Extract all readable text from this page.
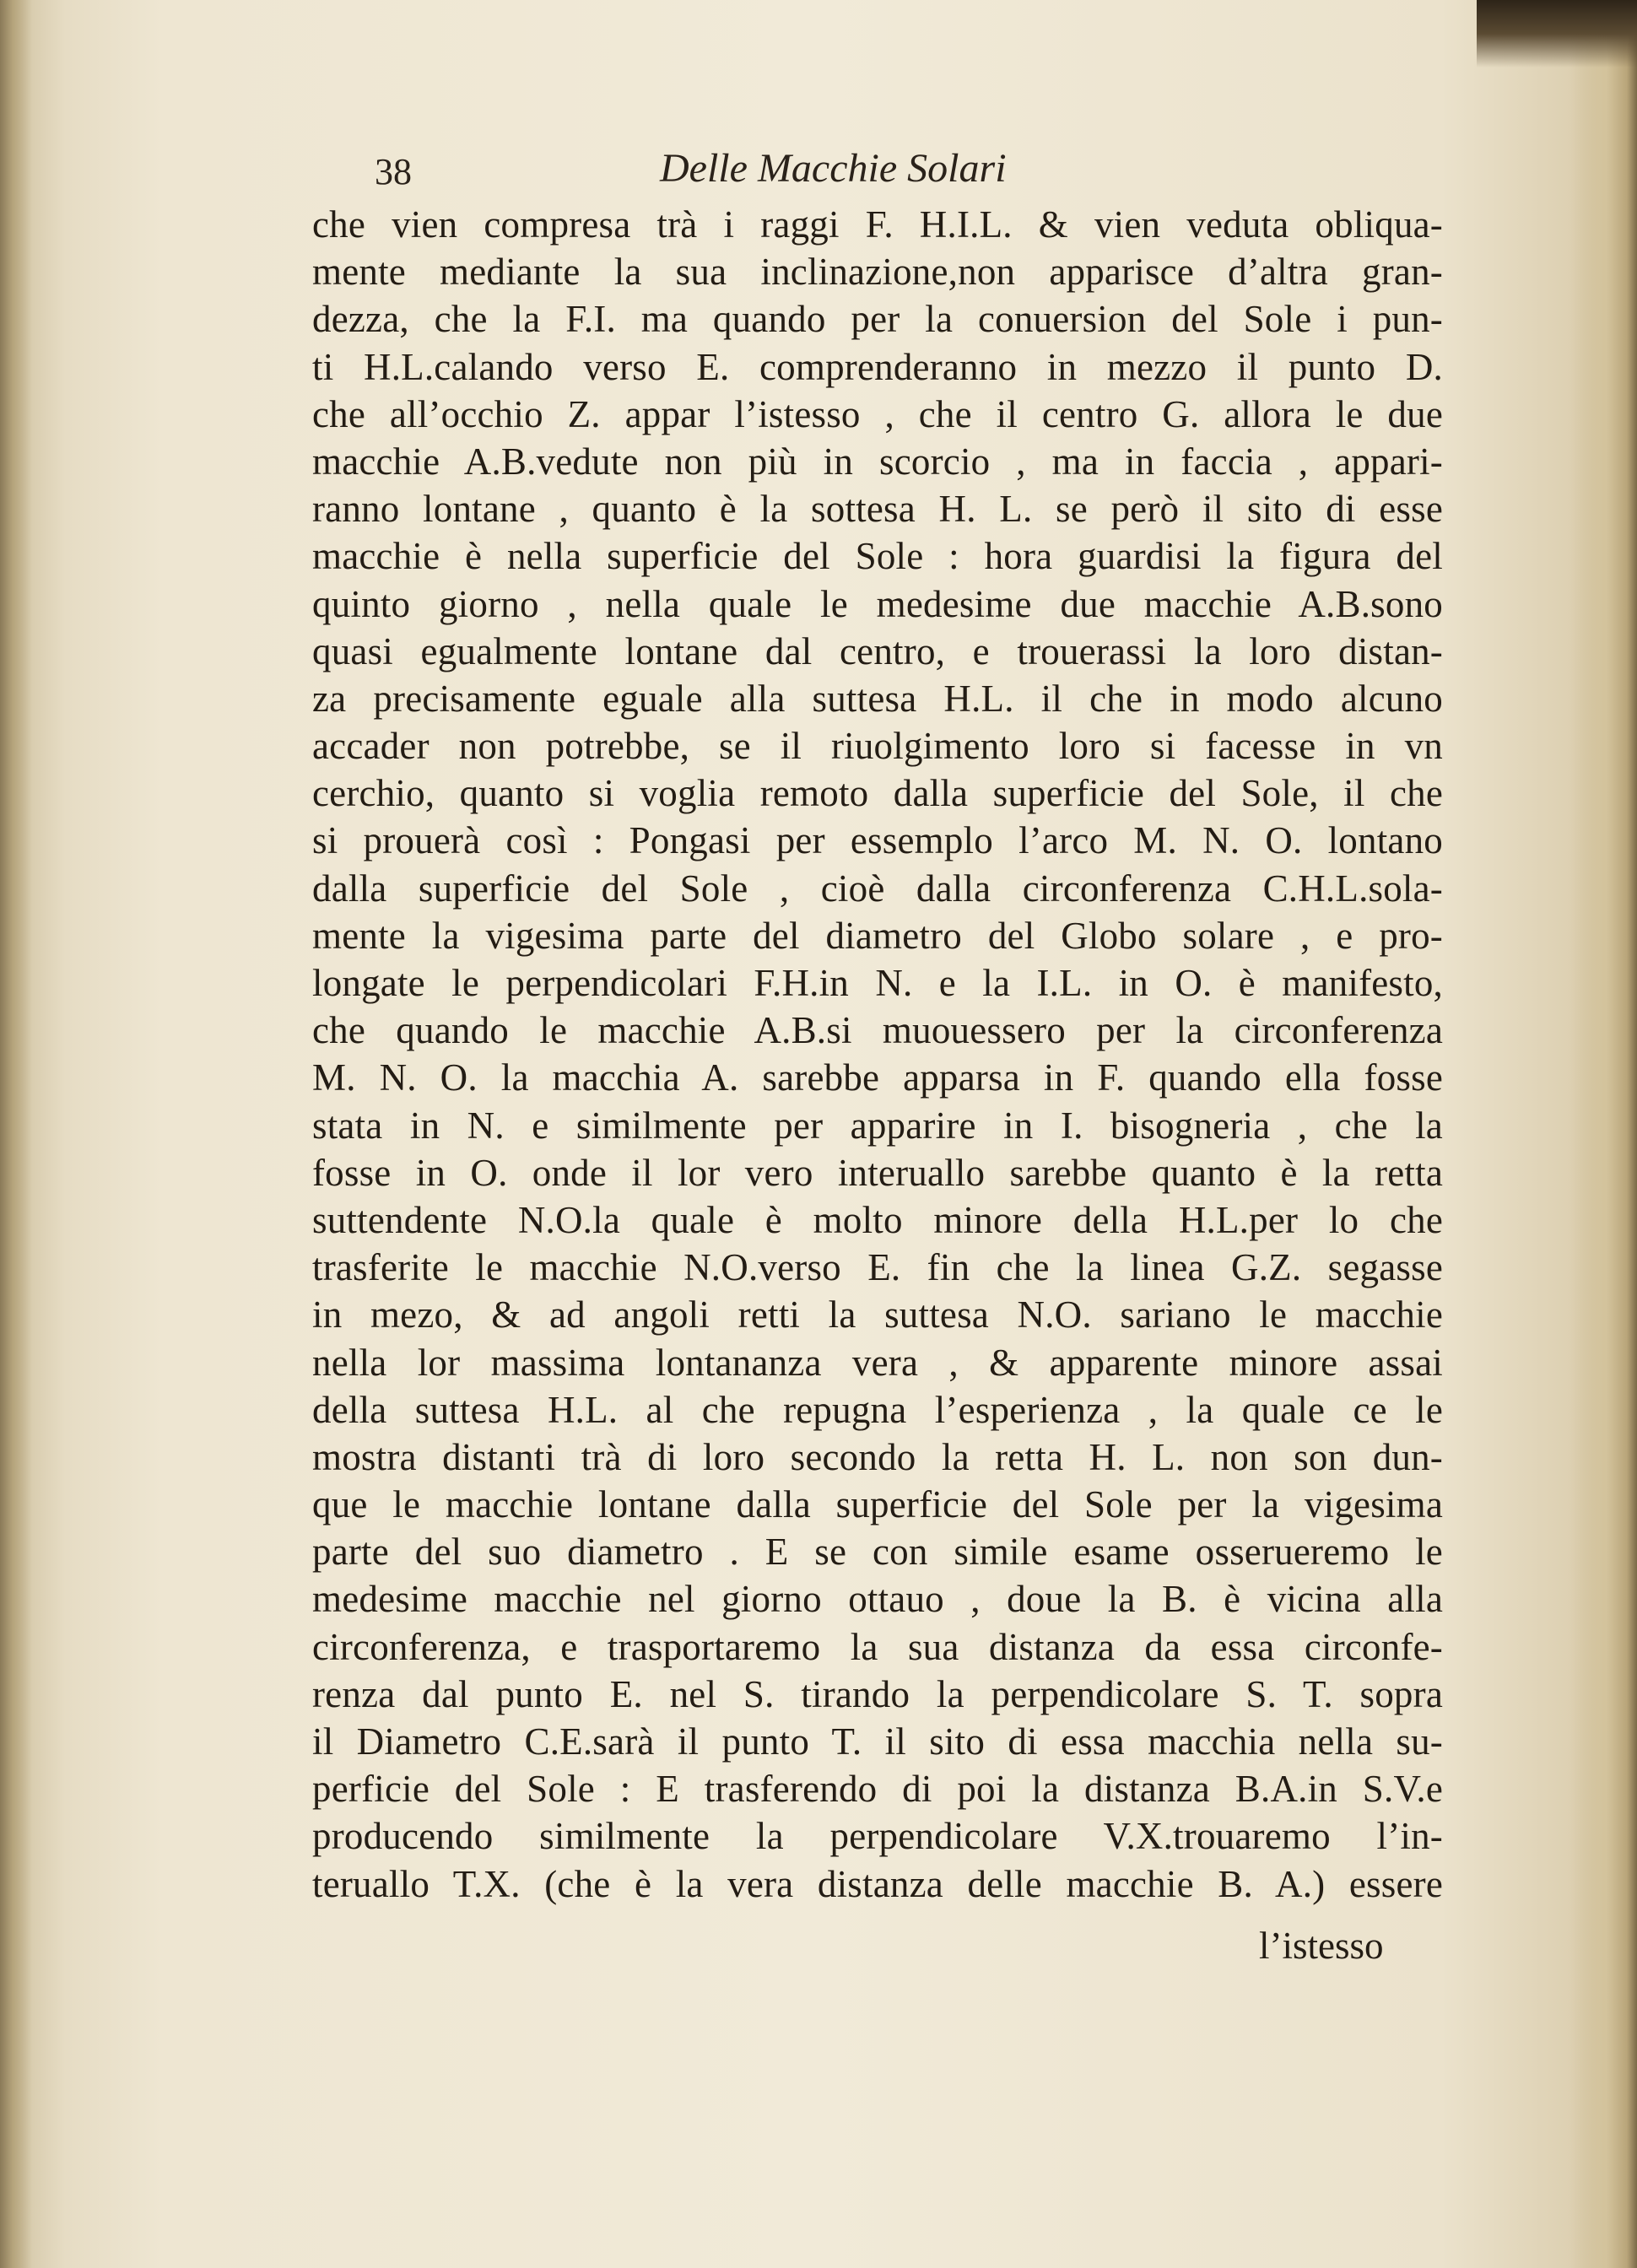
38	Delle Macchie Solari
che vien compresa trà i raggi F. H.I.L. & vien veduta obliqua-
mente mediante la sua inclinazione,non apparisce d’altra gran-
dezza, che la F.I. ma quando per la conuersion del Sole i pun-
ti H.L.calando verso E. comprenderanno in mezzo il punto D.
che all’occhio Z. appar l’istesso , che il centro G. allora le due
macchie A.B.vedute non più in scorcio , ma in faccia , appari-
ranno lontane , quanto è la sottesa H. L. se però il sito di esse
macchie è nella superficie del Sole : hora guardisi la figura del
quinto giorno , nella quale le medesime due macchie A.B.sono
quasi egualmente lontane dal centro, e trouerassi la loro distan-
za precisamente eguale alla suttesa H.L. il che in modo alcuno
accader non potrebbe, se il riuolgimento loro si facesse in vn
cerchio, quanto si voglia remoto dalla superficie del Sole, il che
si prouerà così : Pongasi per essemplo l’arco M. N. O. lontano
dalla superficie del Sole , cioè dalla circonferenza C.H.L.sola-
mente la vigesima parte del diametro del Globo solare , e pro-
longate le perpendicolari F.H.in N. e la I.L. in O. è manifesto,
che quando le macchie A.B.si muouessero per la circonferenza
M. N. O. la macchia A. sarebbe apparsa in F. quando ella fosse
stata in N. e similmente per apparire in I. bisogneria , che la
fosse in O. onde il lor vero interuallo sarebbe quanto è la retta
suttendente N.O.la quale è molto minore della H.L.per lo che
trasferite le macchie N.O.verso E. fin che la linea G.Z. segasse
in mezo, & ad angoli retti la suttesa N.O. sariano le macchie
nella lor massima lontananza vera , & apparente minore assai
della suttesa H.L. al che repugna l’esperienza , la quale ce le
mostra distanti trà di loro secondo la retta H. L. non son dun-
que le macchie lontane dalla superficie del Sole per la vigesima
parte del suo diametro . E se con simile esame osserueremo le
medesime macchie nel giorno ottauo , doue la B. è vicina alla
circonferenza, e trasportaremo la sua distanza da essa circonfe-
renza dal punto E. nel S. tirando la perpendicolare S. T. sopra
il Diametro C.E.sarà il punto T. il sito di essa macchia nella su-
perficie del Sole : E trasferendo di poi la distanza B.A.in S.V.e
producendo similmente la perpendicolare V.X.trouaremo l’in-
teruallo T.X. (che è la vera distanza delle macchie B. A.) essere
l’istesso
